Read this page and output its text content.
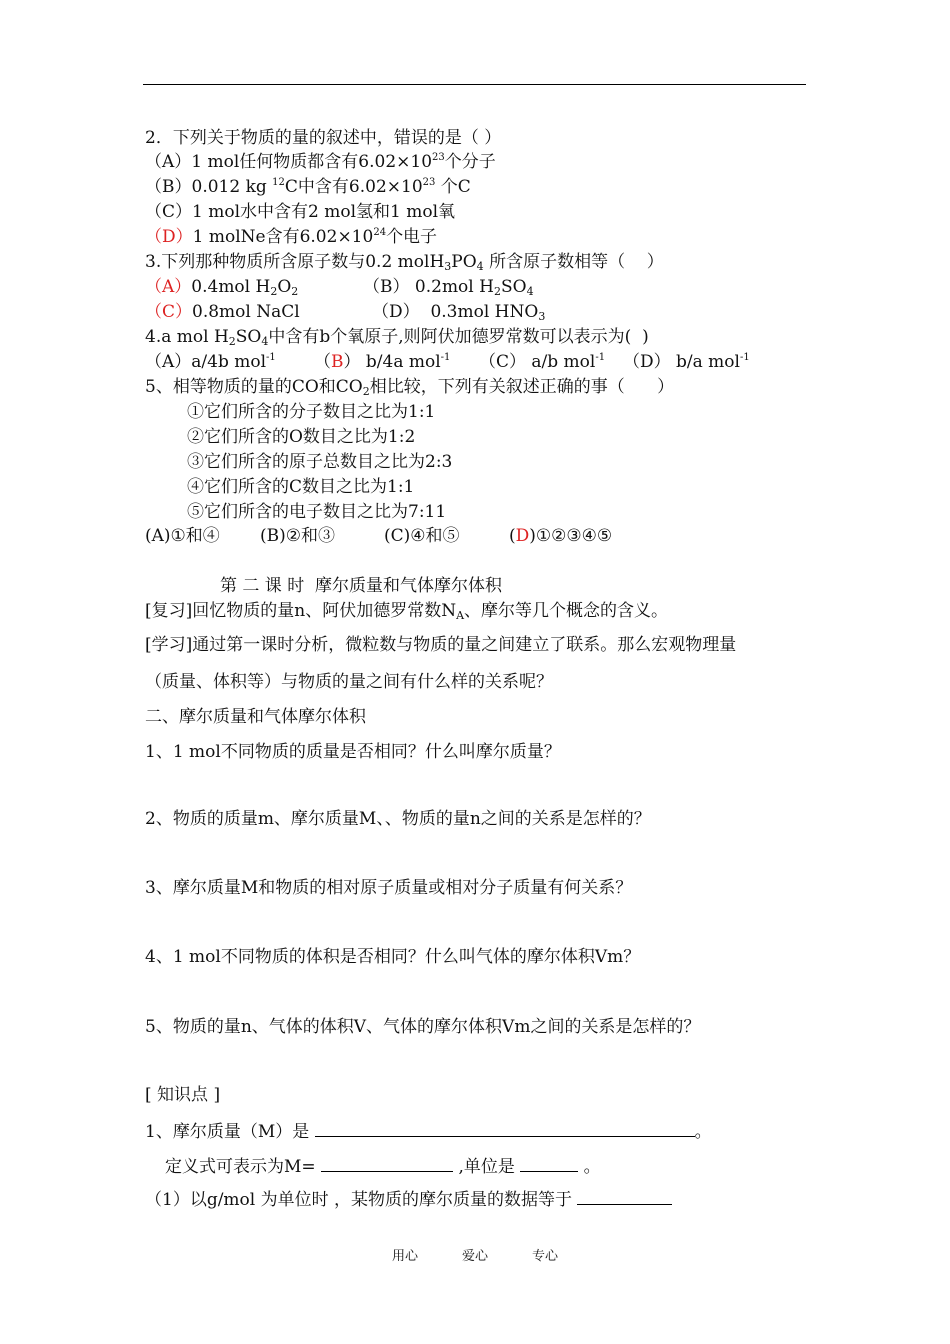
2．下列关于物质的量的叙述中，错误的是（ ）
（A）1 mol任何物质都含有$6.02\times 10^{23}$个分子
（B）0.012 kg $^{12}$C中含有$6.02\times 10^{23}$ 个C
（C）1 mol水中含有2 mol氢和1 mol氧
（D）1 molNe含有$6.02\times 10^{24}$个电子
3.下列那种物质所含原子数与0.2 $molH_3PO_4$ 所含原子数相等（    ）
（A）0.4mol $H_2O_2$	（B） 0.2mol $H_2SO_4$
（C）0.8mol NaCl	（D）  0.3mol $HNO_3$
4.a mol $H_2SO_4$中含有b个氧原子,则阿伏加德罗常数可以表示为(  )
（A）a/4b mol$^{-1}$ （B） b/4a mol$^{-1}$ （C） a/b mol$^{-1}$ （D） b/a mol$^{-1}$
5、相等物质的量的CO和$CO_2$相比较，下列有关叙述正确的事（      ）
①它们所含的分子数目之比为1:1
②它们所含的O数目之比为1:2
③它们所含的原子总数目之比为2:3
④它们所含的C数目之比为1:1
⑤它们所含的电子数目之比为7:11
(A)①和④ (B)②和③	(C)④和⑤	(D)①②③④⑤
第 二 课 时  摩尔质量和气体摩尔体积
[复习]回忆物质的量n、阿伏加德罗常数$N_A$、摩尔等几个概念的含义。
[学习]通过第一课时分析，微粒数与物质的量之间建立了联系。那么宏观物理量
（质量、体积等）与物质的量之间有什么样的关系呢？
二、摩尔质量和气体摩尔体积
1、1 mol不同物质的质量是否相同？什么叫摩尔质量？
2、物质的质量m、摩尔质量M、、物质的量n之间的关系是怎样的？
3、摩尔质量M和物质的相对原子质量或相对分子质量有何关系？
4、1 mol不同物质的体积是否相同？什么叫气体的摩尔体积Vm？
5、物质的量n、气体的体积V、气体的摩尔体积Vm之间的关系是怎样的？
[ 知识点 ]
1、摩尔质量（M）是	。
定义式可表示为M=	,单位是	。
（1）以g/mol 为单位时 ，某物质的摩尔质量的数据等于
用心	爱心	专心
